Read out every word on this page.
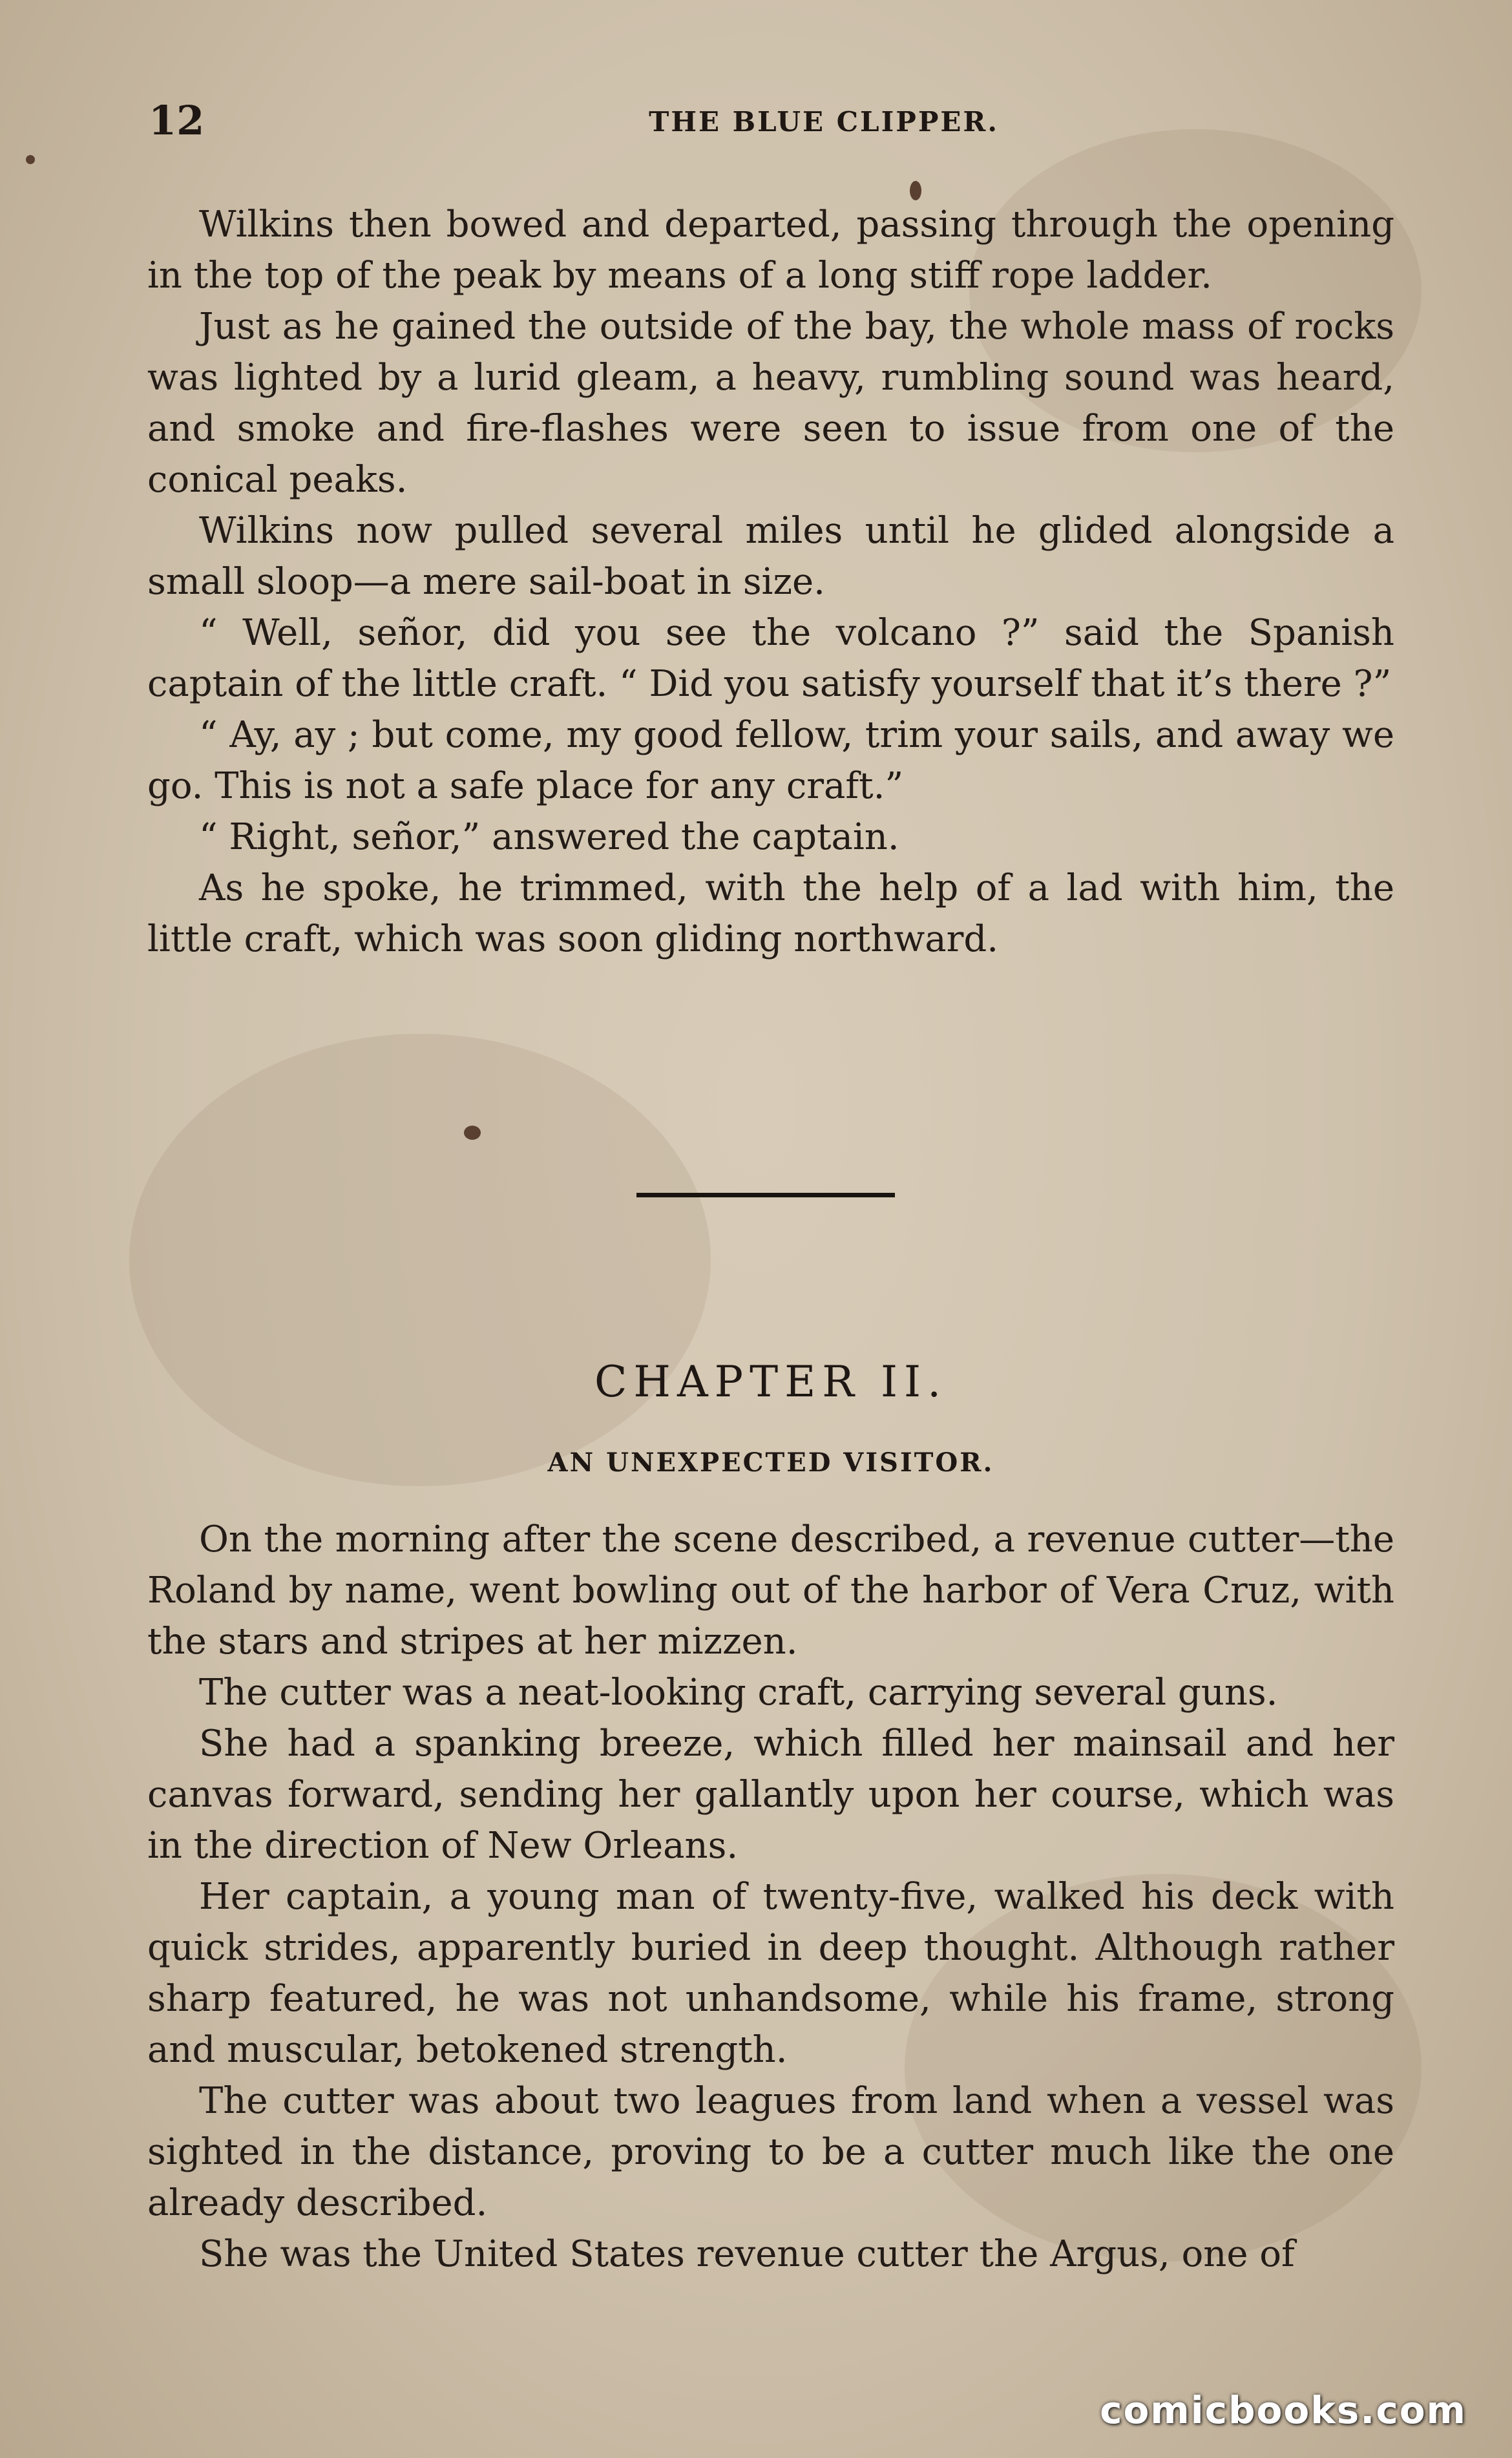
12	THE BLUE CLIPPER.

Wilkins then bowed and departed, passing through the opening in the top of the peak by means of a long stiff rope ladder.

Just as he gained the outside of the bay, the whole mass of rocks was lighted by a lurid gleam, a heavy, rumbling sound was heard, and smoke and fire-flashes were seen to issue from one of the conical peaks.

Wilkins now pulled several miles until he glided alongside a small sloop—a mere sail-boat in size.

“ Well, señor, did you see the volcano ?” said the Spanish captain of the little craft. “ Did you satisfy yourself that it’s there ?”

“ Ay, ay ; but come, my good fellow, trim your sails, and away we go. This is not a safe place for any craft.”

“ Right, señor,” answered the captain.

As he spoke, he trimmed, with the help of a lad with him, the little craft, which was soon gliding northward.

CHAPTER II.
AN UNEXPECTED VISITOR.

On the morning after the scene described, a revenue cutter—the Roland by name, went bowling out of the harbor of Vera Cruz, with the stars and stripes at her mizzen.

The cutter was a neat-looking craft, carrying several guns.

She had a spanking breeze, which filled her mainsail and her canvas forward, sending her gallantly upon her course, which was in the direction of New Orleans.

Her captain, a young man of twenty-five, walked his deck with quick strides, apparently buried in deep thought. Although rather sharp featured, he was not unhandsome, while his frame, strong and muscular, betokened strength.

The cutter was about two leagues from land when a vessel was sighted in the distance, proving to be a cutter much like the one already described.

She was the United States revenue cutter the Argus, one of

comicbooks.com
